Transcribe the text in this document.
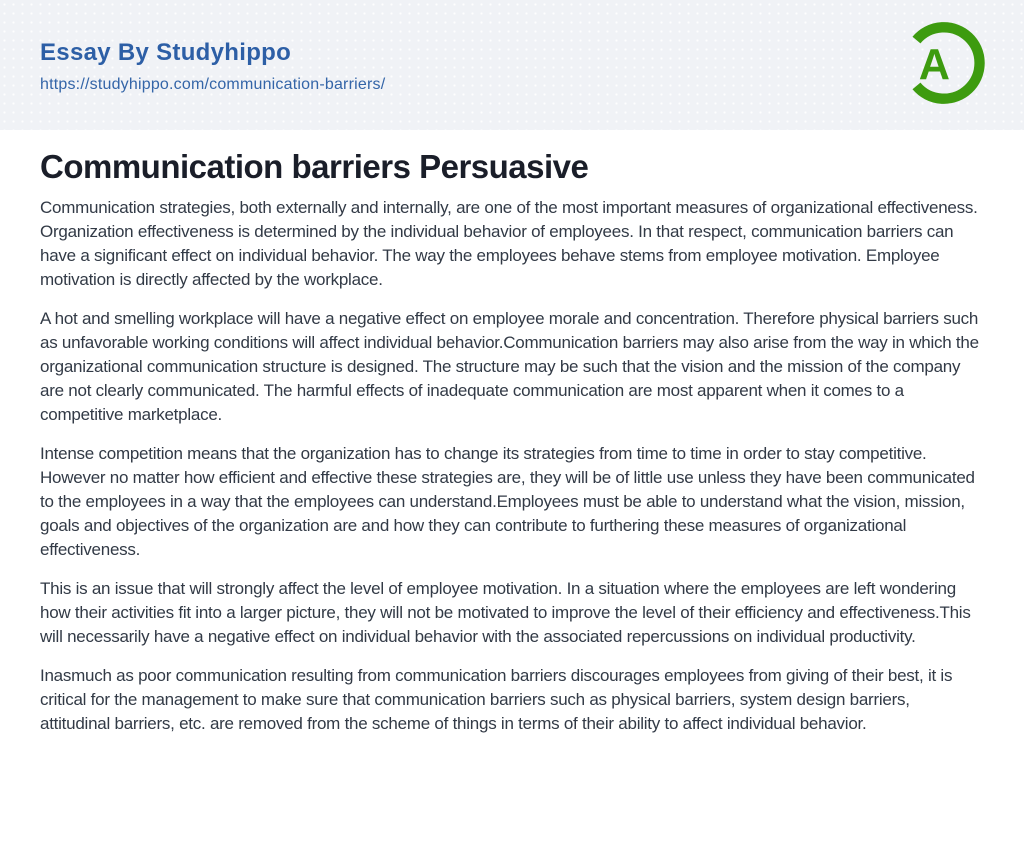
Essay By Studyhippo
https://studyhippo.com/communication-barriers/	A
Communication barriers Persuasive

Communication strategies, both externally and internally, are one of the most important measures of organizational effectiveness. Organization effectiveness is determined by the individual behavior of employees. In that respect, communication barriers can have a significant effect on individual behavior. The way the employees behave stems from employee motivation. Employee motivation is directly affected by the workplace.

A hot and smelling workplace will have a negative effect on employee morale and concentration. Therefore physical barriers such as unfavorable working conditions will affect individual behavior.Communication barriers may also arise from the way in which the organizational communication structure is designed. The structure may be such that the vision and the mission of the company are not clearly communicated. The harmful effects of inadequate communication are most apparent when it comes to a competitive marketplace.

Intense competition means that the organization has to change its strategies from time to time in order to stay competitive. However no matter how efficient and effective these strategies are, they will be of little use unless they have been communicated to the employees in a way that the employees can understand.Employees must be able to understand what the vision, mission, goals and objectives of the organization are and how they can contribute to furthering these measures of organizational effectiveness.

This is an issue that will strongly affect the level of employee motivation. In a situation where the employees are left wondering how their activities fit into a larger picture, they will not be motivated to improve the level of their efficiency and effectiveness.This will necessarily have a negative effect on individual behavior with the associated repercussions on individual productivity.

Inasmuch as poor communication resulting from communication barriers discourages employees from giving of their best, it is critical for the management to make sure that communication barriers such as physical barriers, system design barriers, attitudinal barriers, etc. are removed from the scheme of things in terms of their ability to affect individual behavior.
